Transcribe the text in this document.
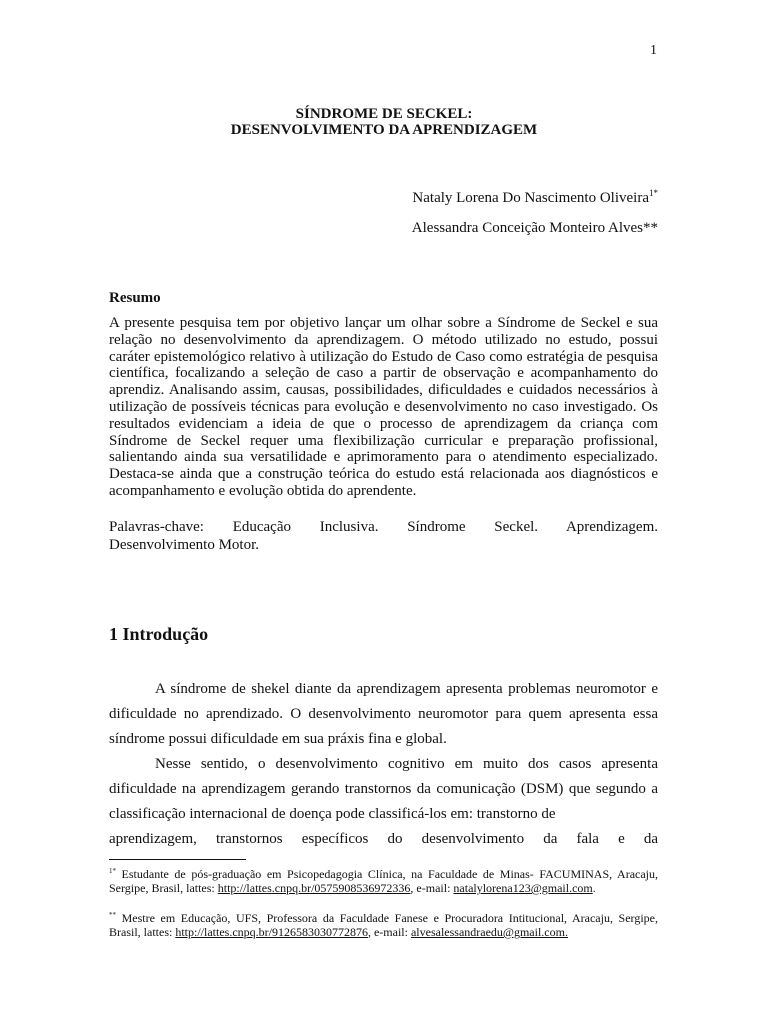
1
SÍNDROME DE SECKEL:
DESENVOLVIMENTO DA APRENDIZAGEM
Nataly Lorena Do Nascimento Oliveira$^{1*}$
Alessandra Conceição Monteiro Alves**
Resumo

A presente pesquisa tem por objetivo lançar um olhar sobre a Síndrome de Seckel e sua relação no desenvolvimento da aprendizagem. O método utilizado no estudo, possui caráter epistemológico relativo à utilização do Estudo de Caso como estratégia de pesquisa científica, focalizando a seleção de caso a partir de observação e acompanhamento do aprendiz. Analisando assim, causas, possibilidades, dificuldades e cuidados necessários à utilização de possíveis técnicas para evolução e desenvolvimento no caso investigado. Os resultados evidenciam a ideia de que o processo de aprendizagem da criança com Síndrome de Seckel requer uma flexibilização curricular e preparação profissional, salientando ainda sua versatilidade e aprimoramento para o atendimento especializado. Destaca-se ainda que a construção teórica do estudo está relacionada aos diagnósticos e acompanhamento e evolução obtida do aprendente.

Palavras-chave: Educação Inclusiva. Síndrome Seckel. Aprendizagem.

Desenvolvimento Motor.
1 Introdução

A síndrome de shekel diante da aprendizagem apresenta problemas neuromotor e dificuldade no aprendizado. O desenvolvimento neuromotor para quem apresenta essa síndrome possui dificuldade em sua práxis fina e global.

Nesse sentido, o desenvolvimento cognitivo em muito dos casos apresenta dificuldade na aprendizagem gerando transtornos da comunicação (DSM) que segundo a classificação internacional de doença pode classificá-los em: transtorno de

aprendizagem, transtornos específicos do desenvolvimento da fala e da

$^{1*}$ Estudante de pós-graduação em Psicopedagogia Clínica, na Faculdade de Minas- FACUMINAS, Aracaju, Sergipe, Brasil, lattes: http://lattes.cnpq.br/0575908536972336, e-mail: natalylorena123@gmail.com.

** Mestre em Educação, UFS, Professora da Faculdade Fanese e Procuradora Intitucional, Aracaju, Sergipe, Brasil, lattes: http://lattes.cnpq.br/9126583030772876, e-mail: alvesalessandraedu@gmail.com.
